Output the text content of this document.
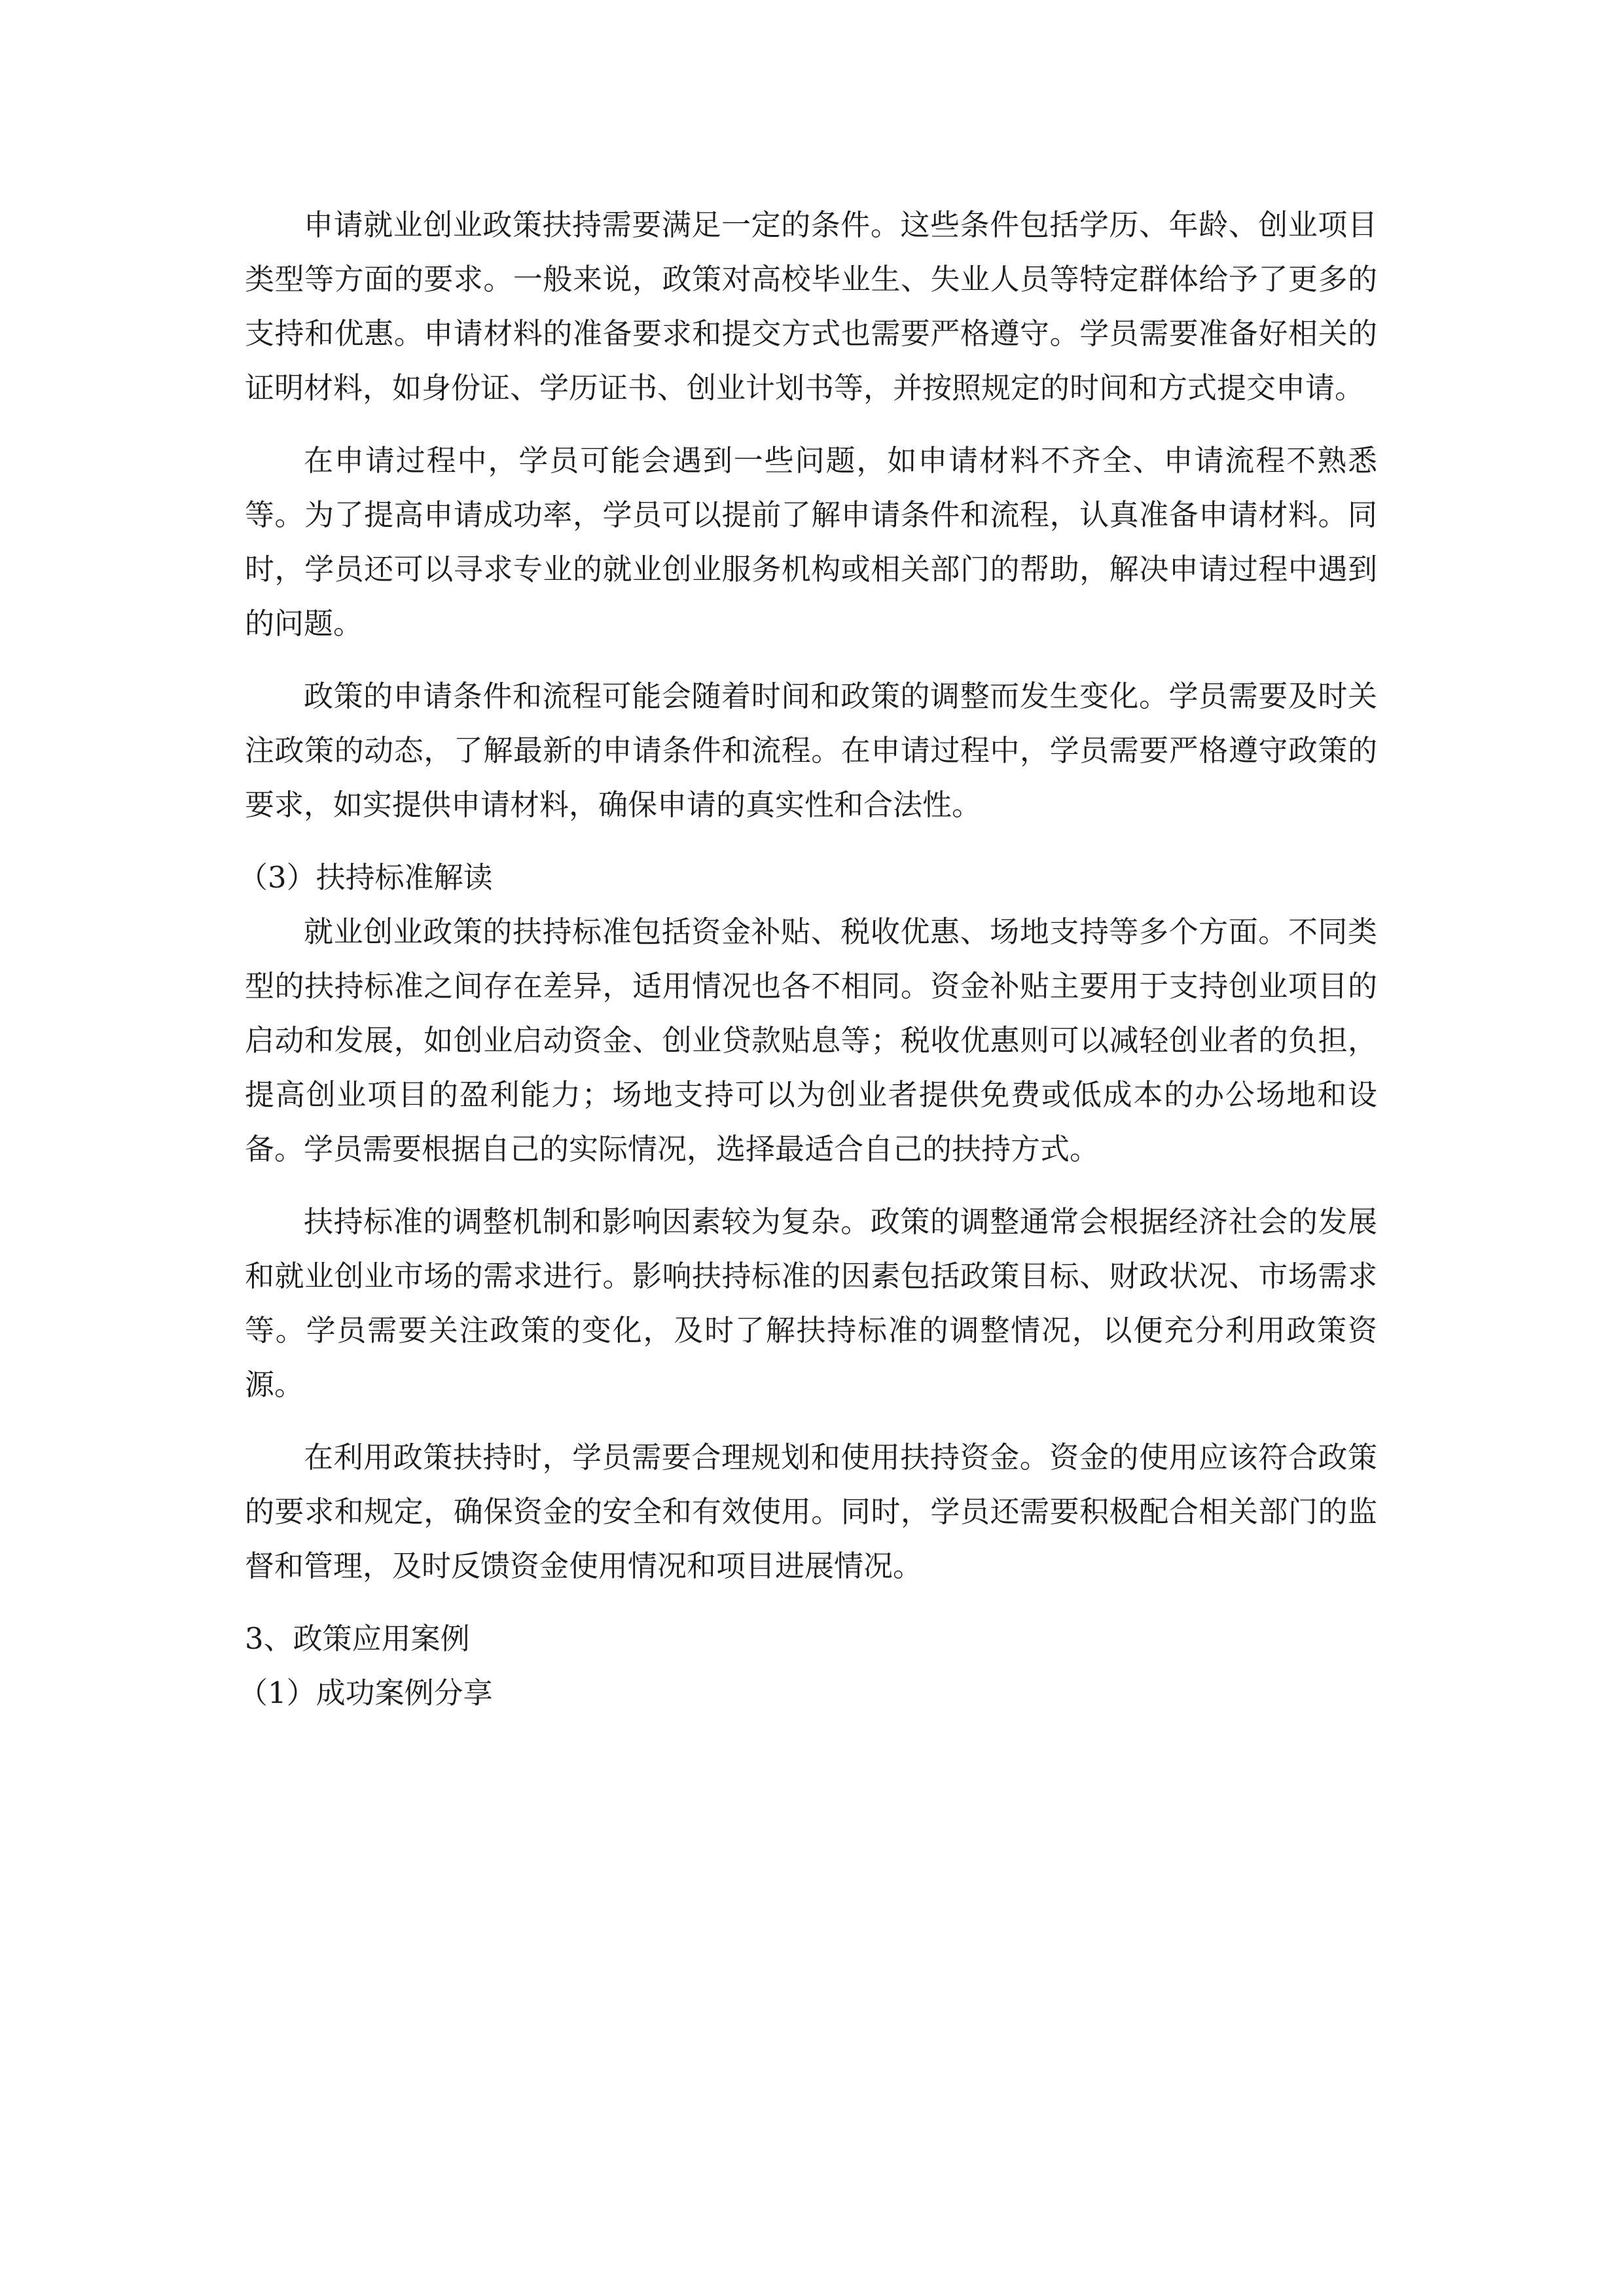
申请就业创业政策扶持需要满足一定的条件。这些条件包括学历、年龄、创业项目类型等方面的要求。一般来说，政策对高校毕业生、失业人员等特定群体给予了更多的支持和优惠。申请材料的准备要求和提交方式也需要严格遵守。学员需要准备好相关的证明材料，如身份证、学历证书、创业计划书等，并按照规定的时间和方式提交申请。

在申请过程中，学员可能会遇到一些问题，如申请材料不齐全、申请流程不熟悉等。为了提高申请成功率，学员可以提前了解申请条件和流程，认真准备申请材料。同时，学员还可以寻求专业的就业创业服务机构或相关部门的帮助，解决申请过程中遇到的问题。

政策的申请条件和流程可能会随着时间和政策的调整而发生变化。学员需要及时关注政策的动态，了解最新的申请条件和流程。在申请过程中，学员需要严格遵守政策的要求，如实提供申请材料，确保申请的真实性和合法性。

（3）扶持标准解读

就业创业政策的扶持标准包括资金补贴、税收优惠、场地支持等多个方面。不同类型的扶持标准之间存在差异，适用情况也各不相同。资金补贴主要用于支持创业项目的启动和发展，如创业启动资金、创业贷款贴息等；税收优惠则可以减轻创业者的负担，提高创业项目的盈利能力；场地支持可以为创业者提供免费或低成本的办公场地和设备。学员需要根据自己的实际情况，选择最适合自己的扶持方式。

扶持标准的调整机制和影响因素较为复杂。政策的调整通常会根据经济社会的发展和就业创业市场的需求进行。影响扶持标准的因素包括政策目标、财政状况、市场需求等。学员需要关注政策的变化，及时了解扶持标准的调整情况，以便充分利用政策资源。

在利用政策扶持时，学员需要合理规划和使用扶持资金。资金的使用应该符合政策的要求和规定，确保资金的安全和有效使用。同时，学员还需要积极配合相关部门的监督和管理，及时反馈资金使用情况和项目进展情况。

3、政策应用案例

（1）成功案例分享
